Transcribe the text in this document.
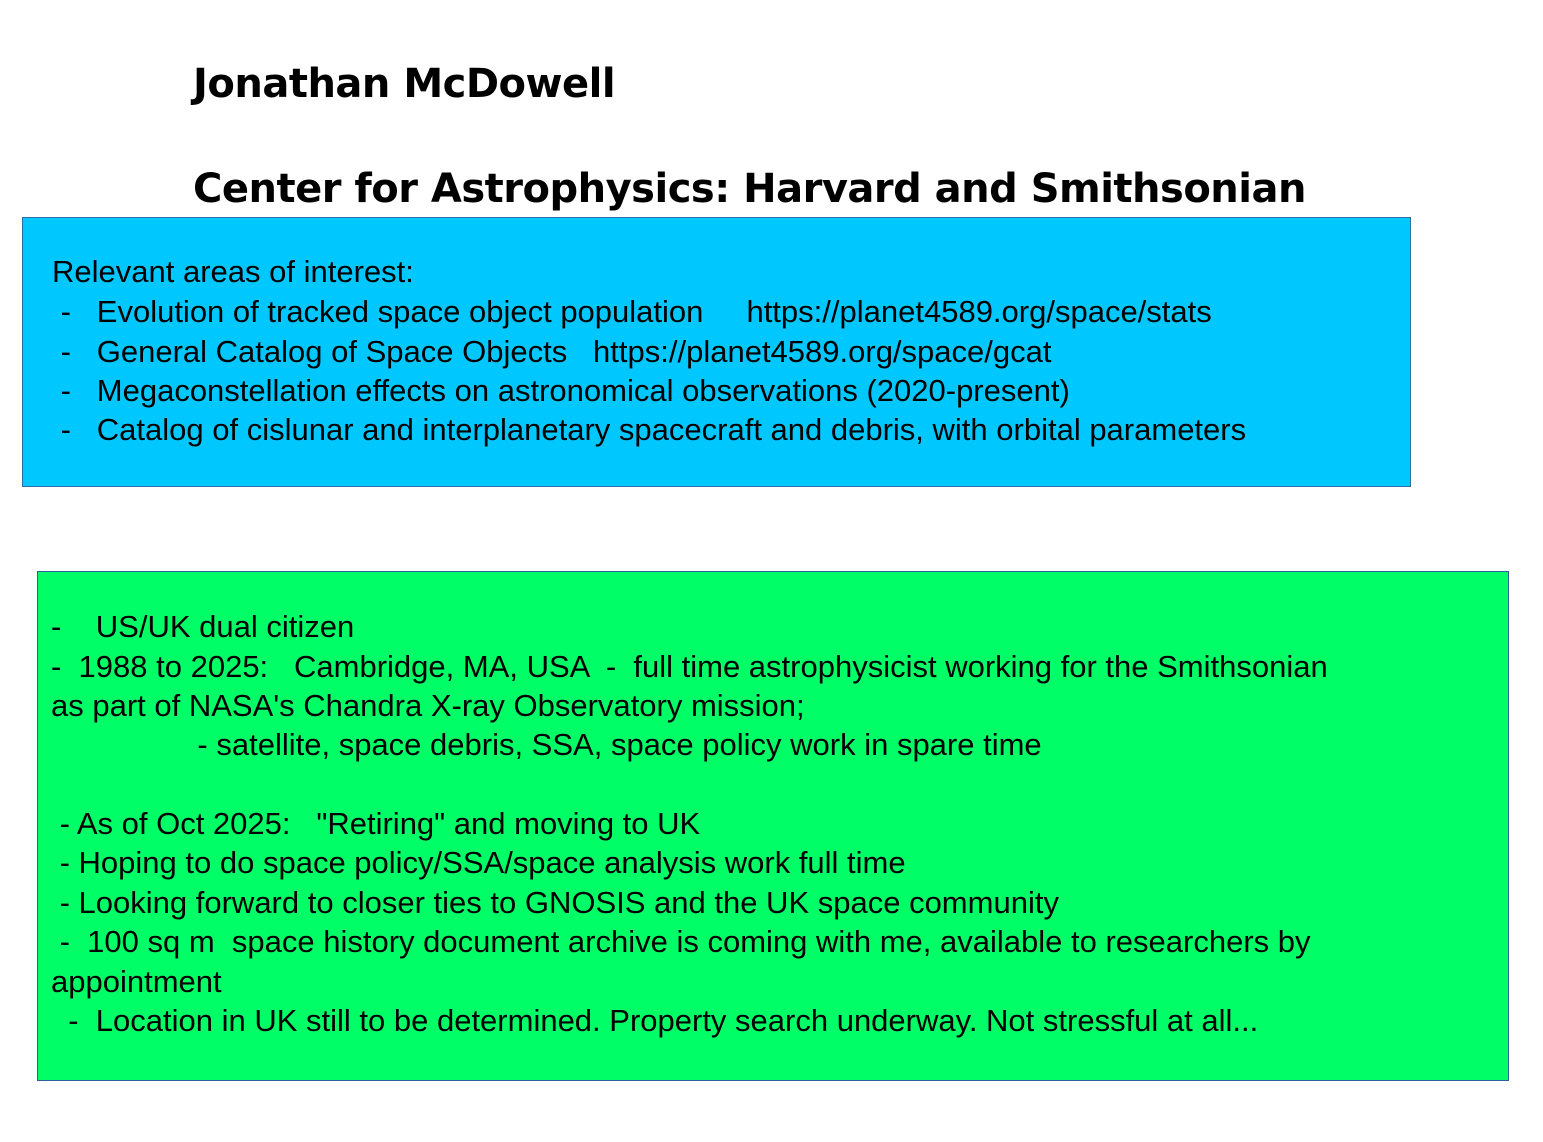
Jonathan McDowell
Center for Astrophysics: Harvard and Smithsonian
Relevant areas of interest:
-   Evolution of tracked space object population     https://planet4589.org/space/stats
-   General Catalog of Space Objects   https://planet4589.org/space/gcat
-   Megaconstellation effects on astronomical observations (2020-present)
-   Catalog of cislunar and interplanetary spacecraft and debris, with orbital parameters
-    US/UK dual citizen
-  1988 to 2025:   Cambridge, MA, USA  -  full time astrophysicist working for the Smithsonian
as part of NASA's Chandra X-ray Observatory mission;
- satellite, space debris, SSA, space policy work in spare time
- As of Oct 2025:   "Retiring" and moving to UK
- Hoping to do space policy/SSA/space analysis work full time
- Looking forward to closer ties to GNOSIS and the UK space community
-  100 sq m  space history document archive is coming with me, available to researchers by
appointment
-  Location in UK still to be determined. Property search underway. Not stressful at all...
